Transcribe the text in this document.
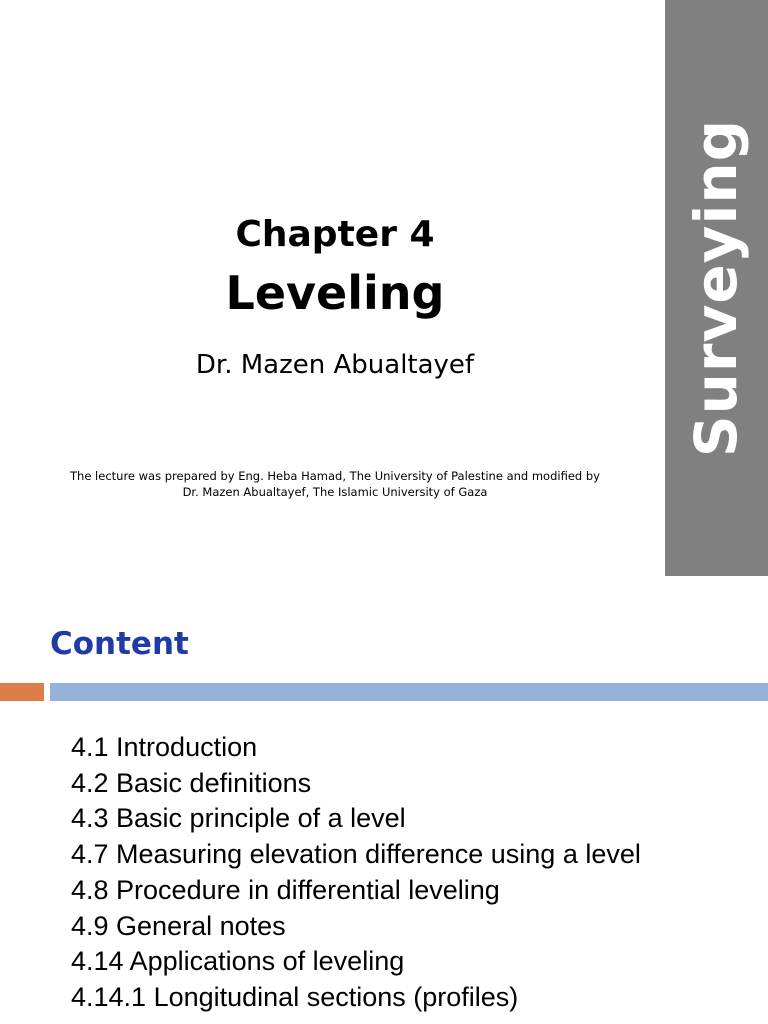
Surveying
Chapter 4
Leveling
Dr. Mazen Abualtayef
The lecture was prepared by Eng. Heba Hamad, The University of Palestine and modified by
Dr. Mazen Abualtayef, The Islamic University of Gaza
Content
4.1 Introduction
4.2 Basic definitions
4.3 Basic principle of a level
4.7 Measuring elevation difference using a level
4.8 Procedure in differential leveling
4.9 General notes
4.14 Applications of leveling
4.14.1 Longitudinal sections (profiles)
